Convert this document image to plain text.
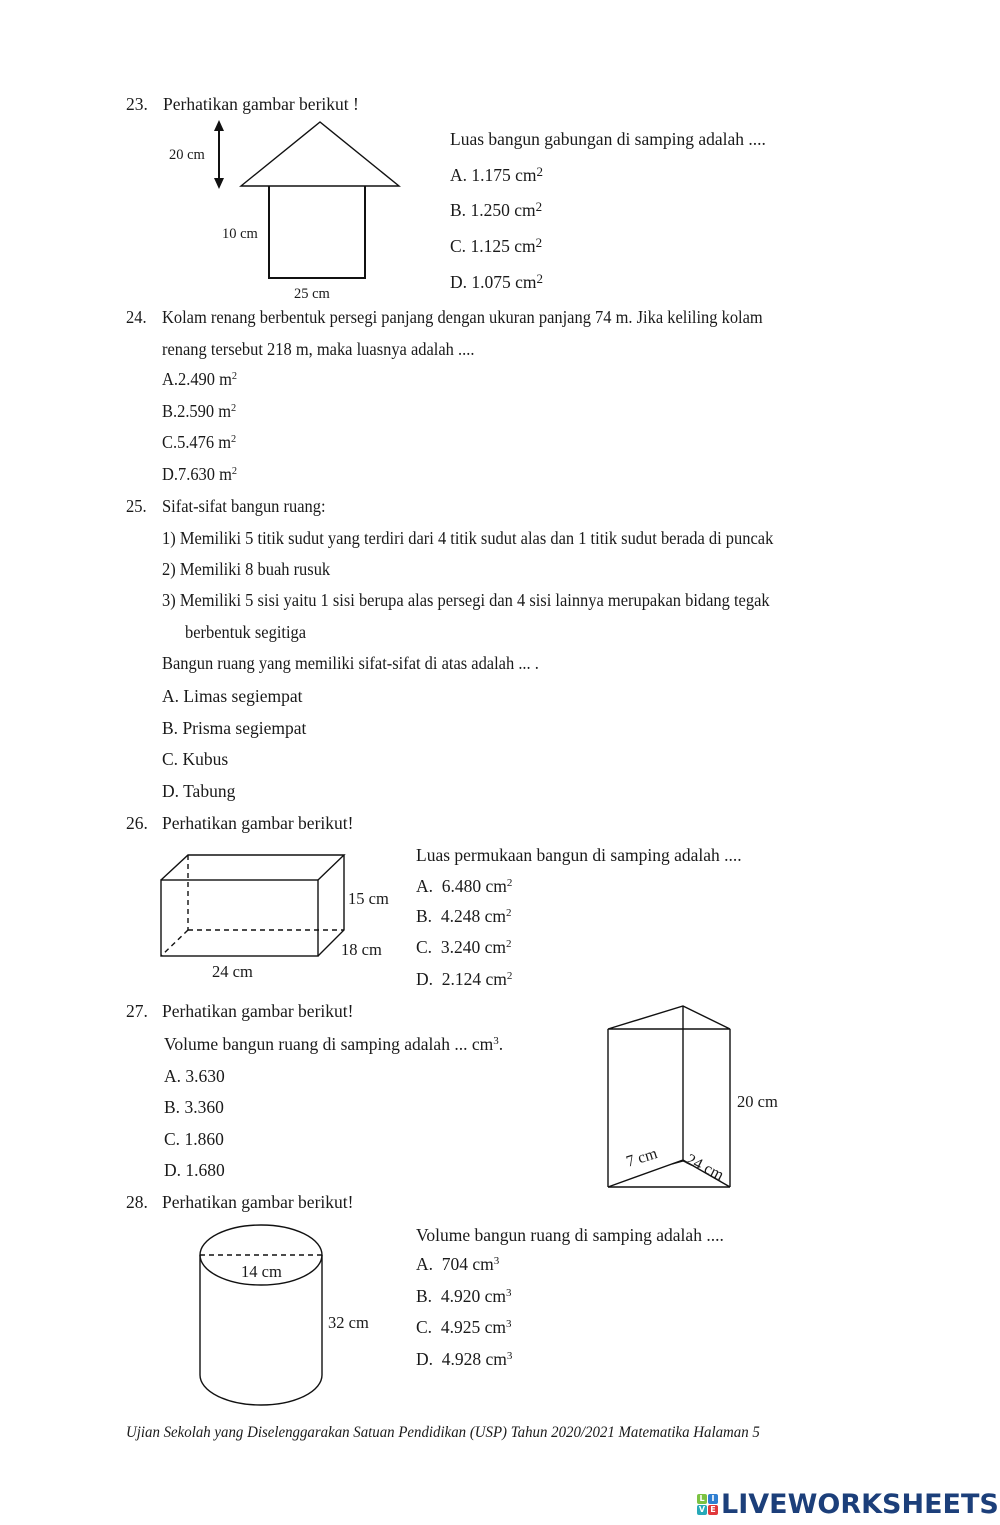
23. Perhatikan gambar berikut !
Luas bangun gabungan di samping adalah ....
A. 1.175 $cm^2$
B. 1.250 $cm^2$
C. 1.125 $cm^2$
D. 1.075 $cm^2$
20 cm
10 cm
25 cm
24. Kolam renang berbentuk persegi panjang dengan ukuran panjang 74 m. Jika keliling kolam
renang tersebut 218 m, maka luasnya adalah ....
A.2.490 $m^2$
B.2.590 $m^2$
C.5.476 $m^2$
D.7.630 $m^2$
25. Sifat-sifat bangun ruang:
1) Memiliki 5 titik sudut yang terdiri dari 4 titik sudut alas dan 1 titik sudut berada di puncak
2) Memiliki 8 buah rusuk
3) Memiliki 5 sisi yaitu 1 sisi berupa alas persegi dan 4 sisi lainnya merupakan bidang tegak
berbentuk segitiga
Bangun ruang yang memiliki sifat-sifat di atas adalah ... .
A. Limas segiempat
B. Prisma segiempat
C. Kubus
D. Tabung
26. Perhatikan gambar berikut!
Luas permukaan bangun di samping adalah ....
A. 6.480 $cm^2$
B. 4.248 $cm^2$
C. 3.240 $cm^2$
D. 2.124 $cm^2$
15 cm
18 cm
24 cm
27. Perhatikan gambar berikut!
Volume bangun ruang di samping adalah ... $cm^3$.
A. 3.630
B. 3.360
C. 1.860
D. 1.680
20 cm
7 cm 24 cm
28. Perhatikan gambar berikut!
Volume bangun ruang di samping adalah ....
A. 704 $cm^3$
B. 4.920 $cm^3$
C. 4.925 $cm^3$
D. 4.928 $cm^3$
14 cm
32 cm
Ujian Sekolah yang Diselenggarakan Satuan Pendidikan (USP) Tahun 2020/2021 Matematika Halaman 5
L I
V E LIVEWORKSHEETS
